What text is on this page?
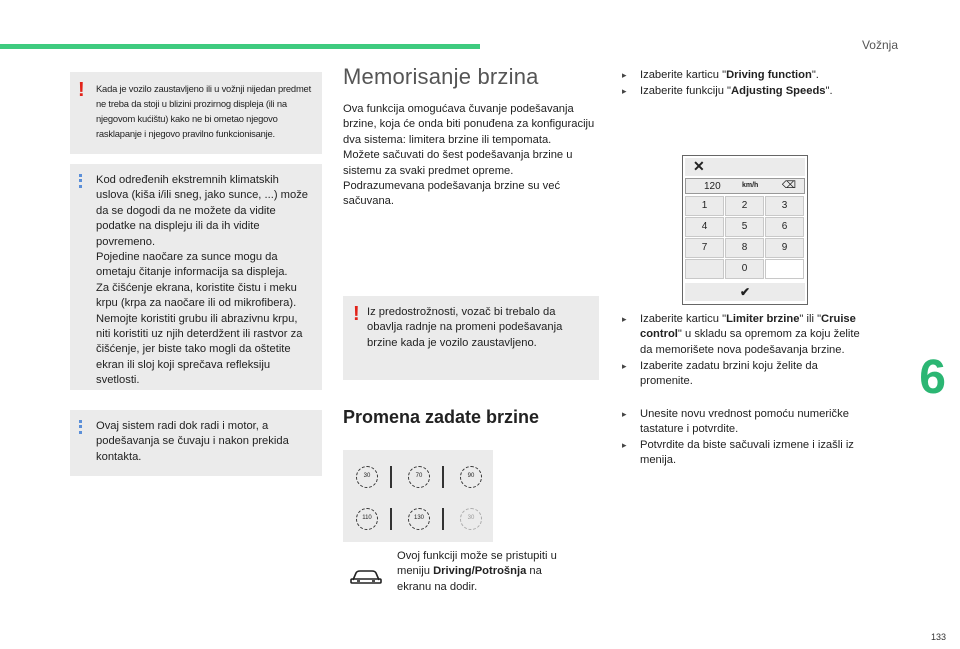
Vožnja
6
133
! Kada je vozilo zaustavljeno ili u vožnji nijedan predmet ne treba da stoji u blizini prozirnog displeja (ili na njegovom kućištu) kako ne bi ometao njegovo rasklapanje i njegovo pravilno funkcionisanje.

Kod određenih ekstremnih klimatskih uslova (kiša i/ili sneg, jako sunce, ...) može da se dogodi da ne možete da vidite podatke na displeju ili da ih vidite povremeno.

Pojedine naočare za sunce mogu da ometaju čitanje informacija sa displeja.

Za čišćenje ekrana, koristite čistu i meku krpu (krpa za naočare ili od mikrofibera). Nemojte koristiti grubu ili abrazivnu krpu, niti koristiti uz njih deterdžent ili rastvor za čišćenje, jer biste tako mogli da oštetite ekran ili sloj koji sprečava refleksiju svetlosti.

Ovaj sistem radi dok radi i motor, a podešavanja se čuvaju i nakon prekida kontakta.

Memorisanje brzina
Ova funkcija omogućava čuvanje podešavanja brzine, koja će onda biti ponuđena za konfiguraciju dva sistema: limitera brzine ili tempomata.
Možete sačuvati do šest podešavanja brzine u sistemu za svaki predmet opreme.
Podrazumevana podešavanja brzine su već sačuvana.
! Iz predostrožnosti, vozač bi trebalo da obavlja radnje na promeni podešavanja brzine kada je vozilo zaustavljeno.

Promena zadate brzine
30	70	90
110	130	30
Ovoj funkciji može se pristupiti u meniju Driving/Potrošnja na ekranu na dodir.
▸ Izaberite karticu "Driving function".
▸ Izaberite funkciju "Adjusting Speeds".
✕
120	km/h ⌫
1	2	3
4	5	6
7	8	9
0
✔
▸ Izaberite karticu "Limiter brzine" ili "Cruise control" u skladu sa opremom za koju želite da memorišete nova podešavanja brzine.
▸ Izaberite zadatu brzini koju želite da promenite.
▸ Unesite novu vrednost pomoću numeričke tastature i potvrdite.
▸ Potvrdite da biste sačuvali izmene i izašli iz menija.
